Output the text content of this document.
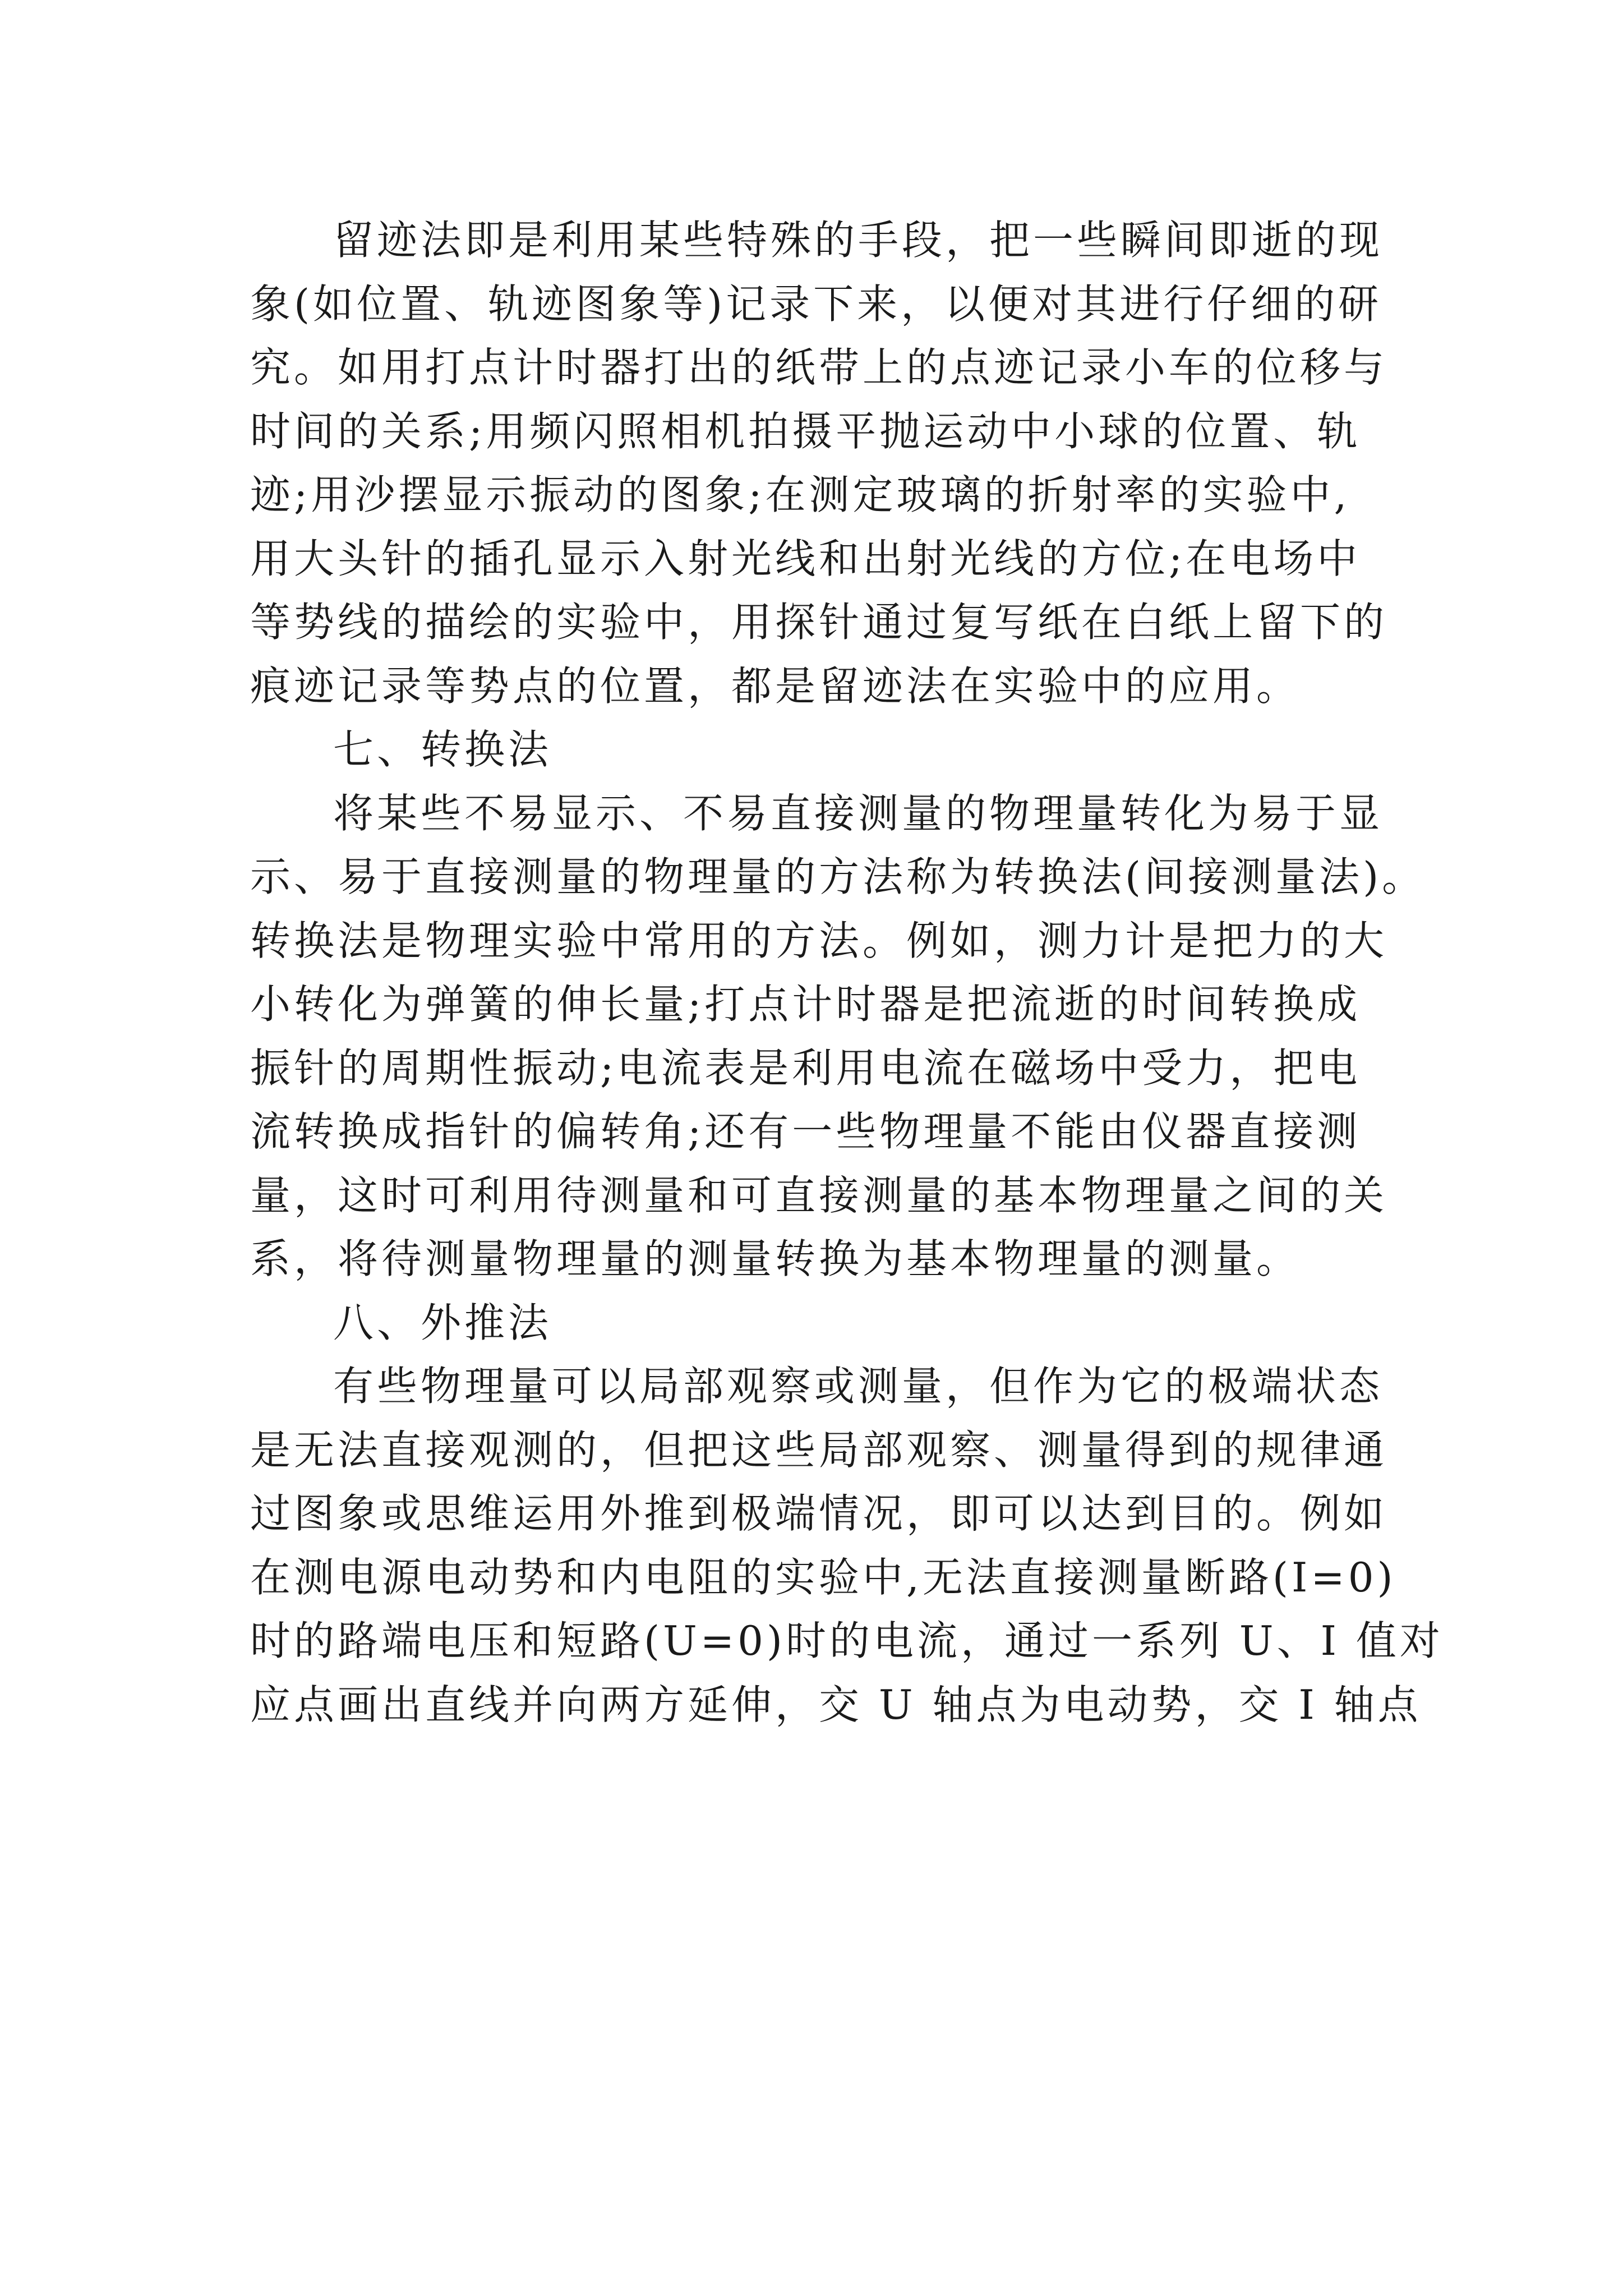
留迹法即是利用某些特殊的手段，把一些瞬间即逝的现
象(如位置、轨迹图象等)记录下来，以便对其进行仔细的研
究。如用打点计时器打出的纸带上的点迹记录小车的位移与
时间的关系;用频闪照相机拍摄平抛运动中小球的位置、轨
迹;用沙摆显示振动的图象;在测定玻璃的折射率的实验中,
用大头针的插孔显示入射光线和出射光线的方位;在电场中
等势线的描绘的实验中，用探针通过复写纸在白纸上留下的
痕迹记录等势点的位置，都是留迹法在实验中的应用。
七、转换法
将某些不易显示、不易直接测量的物理量转化为易于显
示、易于直接测量的物理量的方法称为转换法(间接测量法)。
转换法是物理实验中常用的方法。例如，测力计是把力的大
小转化为弹簧的伸长量;打点计时器是把流逝的时间转换成
振针的周期性振动;电流表是利用电流在磁场中受力，把电
流转换成指针的偏转角;还有一些物理量不能由仪器直接测
量，这时可利用待测量和可直接测量的基本物理量之间的关
系，将待测量物理量的测量转换为基本物理量的测量。
八、外推法
有些物理量可以局部观察或测量，但作为它的极端状态
是无法直接观测的，但把这些局部观察、测量得到的规律通
过图象或思维运用外推到极端情况，即可以达到目的。例如
在测电源电动势和内电阻的实验中,无法直接测量断路(I=0)
时的路端电压和短路(U=0)时的电流，通过一系列 U、I 值对
应点画出直线并向两方延伸，交 U 轴点为电动势，交 I 轴点
